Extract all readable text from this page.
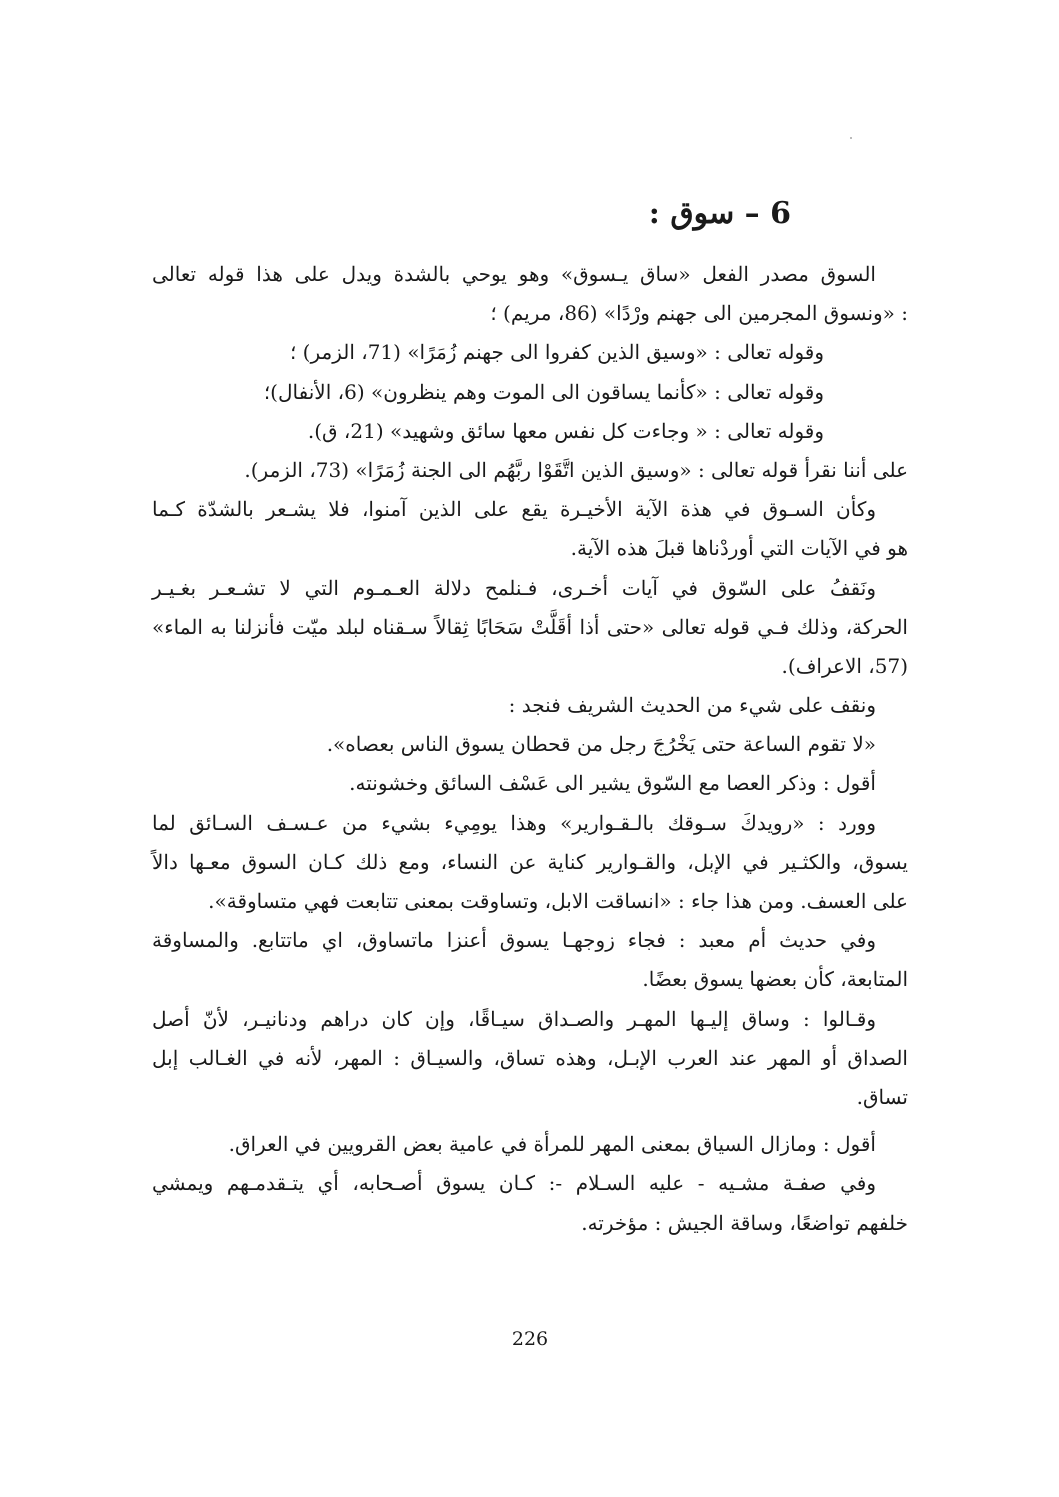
6 – سوق :
السوق مصدر الفعل «ساق يـسوق» وهو يوحي بالشدة ويدل على هذا قوله تعالى
: «ونسوق المجرمين الى جهنم ورْدًا» (86، مريم) ؛
وقوله تعالى : «وسيق الذين كفروا الى جهنم زُمَرًا» (71، الزمر) ؛
وقوله تعالى : «كأنما يساقون الى الموت وهم ينظرون» (6، الأنفال)؛
وقوله تعالى : « وجاءت كل نفس معها سائق وشهيد» (21، ق).
على أننا نقرأ قوله تعالى : «وسيق الذين اتَّقَوْا ربَّهُم الى الجنة زُمَرًا» (73، الزمر).
وكأن السـوق في هذة الآية الأخيـرة يقع على الذين آمنوا، فلا يشـعر بالشدّة كـما
هو في الآيات التي أوردْناها قبلَ هذه الآية.
ونَقفُ على السّوق في آيات أخـرى، فـنلمح دلالة العـمـوم التي لا تشـعـر بغـيـر
الحركة، وذلك فـي قوله تعالى «حتى أذا أقَلَّتْ سَحَابًا ثِقالاً سـقناه لبلد ميّت فأنزلنا به الماء»
(57، الاعراف).
ونقف على شيء من الحديث الشريف فنجد :
«لا تقوم الساعة حتى يَخْرُجَ رجل من قحطان يسوق الناس بعصاه».
أقول : وذكر العصا مع السّوق يشير الى عَسْف السائق وخشونته.
وورد : «رويدكَ سـوقك بالـقـوارير» وهذا يومِيء بشيء من عـسـف السـائق لما
يسوق، والكثـير في الإبل، والقـوارير كناية عن النساء، ومع ذلك كـان السوق معـها دالاً
على العسف. ومن هذا جاء : «انساقت الابل، وتساوقت بمعنى تتابعت فهي متساوقة».
وفي حديث أم معبد : فجاء زوجهـا يسوق أعنزا ماتساوق، اي ماتتابع. والمساوقة
المتابعة، كأن بعضها يسوق بعضًا.
وقـالوا : وساق إليـها المهـر والصـداق سيـاقًا، وإن كان دراهم ودنانيـر، لأنّ أصل
الصداق أو المهر عند العرب الإبـل، وهذه تساق، والسيـاق : المهر، لأنه في الغـالب إبل
تساق.
أقول : ومازال السياق بمعنى المهر للمرأة في عامية بعض القرويين في العراق.
وفي صفـة مشـيه - عليه السـلام -: كـان يسوق أصـحابه، أي يتـقدمـهم ويمشي
خلفهم تواضعًا، وساقة الجيش : مؤخرته.
226
